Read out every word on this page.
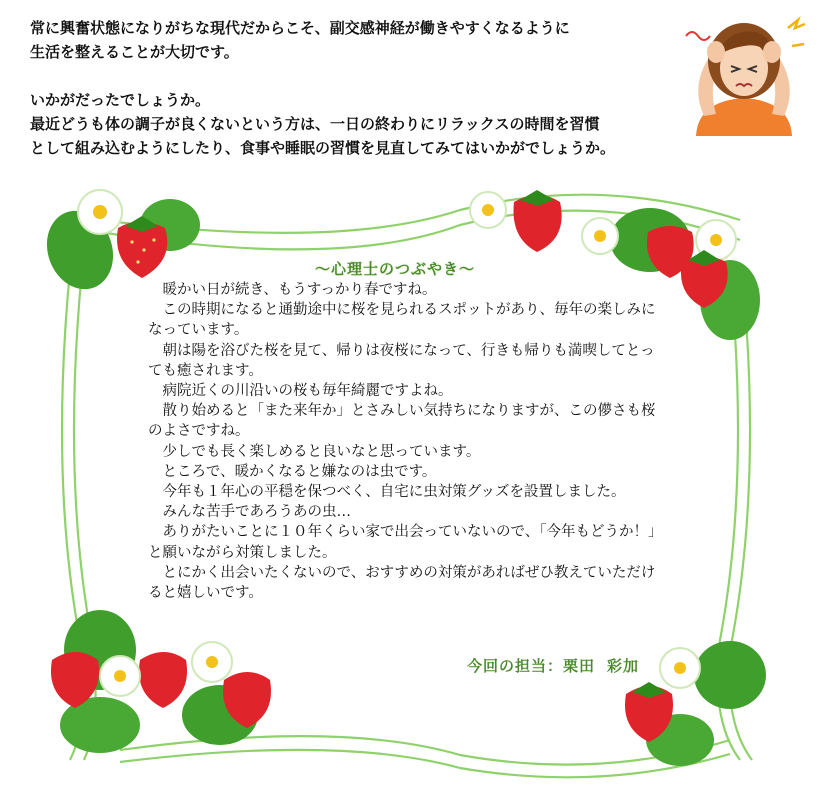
常に興奮状態になりがちな現代だからこそ、副交感神経が働きやすくなるように

生活を整えることが大切です。

いかがだったでしょうか。

最近どうも体の調子が良くないという方は、一日の終わりにリラックスの時間を習慣

として組み込むようにしたり、食事や睡眠の習慣を見直してみてはいかがでしょうか。

～心理士のつぶやき～

暖かい日が続き、もうすっかり春ですね。

この時期になると通勤途中に桜を見られるスポットがあり、毎年の楽しみになっています。

朝は陽を浴びた桜を見て、帰りは夜桜になって、行きも帰りも満喫してとっても癒されます。

病院近くの川沿いの桜も毎年綺麗ですよね。

散り始めると「また来年か」とさみしい気持ちになりますが、この儚さも桜のよさですね。

少しでも長く楽しめると良いなと思っています。

ところで、暖かくなると嫌なのは虫です。

今年も１年心の平穏を保つべく、自宅に虫対策グッズを設置しました。

みんな苦手であろうあの虫…

ありがたいことに１０年くらい家で出会っていないので、「今年もどうか！」と願いながら対策しました。

とにかく出会いたくないので、おすすめの対策があればぜひ教えていただけると嬉しいです。

今回の担当：栗田 彩加
